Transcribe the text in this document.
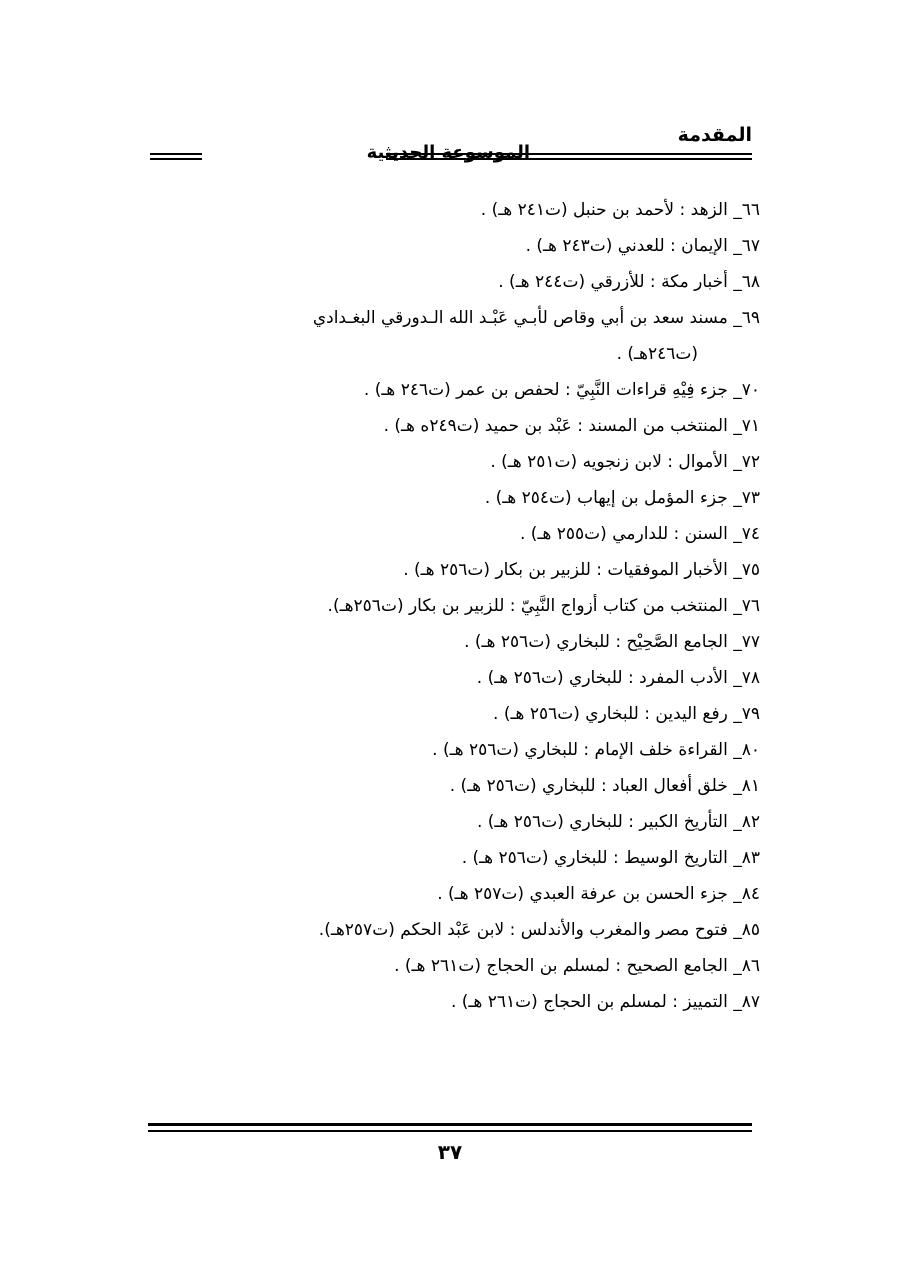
المقدمة
الموسوعة الحديثية
٦٦_ الزهد : لأحمد بن حنبل (ت٢٤١ هـ) .
٦٧_ الإيمان : للعدني (ت٢٤٣ هـ) .
٦٨_ أخبار مكة : للأزرقي (ت٢٤٤ هـ) .
٦٩_ مسند سعد بن أبي وقاص لأبـي عَبْـد الله الـدورقي البغـدادي
(ت٢٤٦هـ) .
٧٠_ جزء فِيْهِ قراءات النَّبِيّ : لحفص بن عمر (ت٢٤٦ هـ) .
٧١_ المنتخب من المسند : عَبْد بن حميد (ت٢٤٩ه هـ) .
٧٢_ الأموال : لابن زنجويه (ت٢٥١ هـ) .
٧٣_ جزء المؤمل بن إيهاب (ت٢٥٤ هـ) .
٧٤_ السنن : للدارمي (ت٢٥٥ هـ) .
٧٥_ الأخبار الموفقيات : للزبير بن بكار (ت٢٥٦ هـ) .
٧٦_ المنتخب من كتاب أزواج النَّبِيّ : للزبير بن بكار (ت٢٥٦هـ).
٧٧_ الجامع الصَّحِيْح : للبخاري (ت٢٥٦ هـ) .
٧٨_ الأدب المفرد : للبخاري (ت٢٥٦ هـ) .
٧٩_ رفع اليدين : للبخاري (ت٢٥٦ هـ) .
٨٠_ القراءة خلف الإمام : للبخاري (ت٢٥٦ هـ) .
٨١_ خلق أفعال العباد : للبخاري (ت٢٥٦ هـ) .
٨٢_ التأريخ الكبير : للبخاري (ت٢٥٦ هـ) .
٨٣_ التاريخ الوسيط : للبخاري (ت٢٥٦ هـ) .
٨٤_ جزء الحسن بن عرفة العبدي (ت٢٥٧ هـ) .
٨٥_ فتوح مصر والمغرب والأندلس : لابن عَبْد الحكم (ت٢٥٧هـ).
٨٦_ الجامع الصحيح : لمسلم بن الحجاج (ت٢٦١ هـ) .
٨٧_ التمييز : لمسلم بن الحجاج (ت٢٦١ هـ) .
٣٧
